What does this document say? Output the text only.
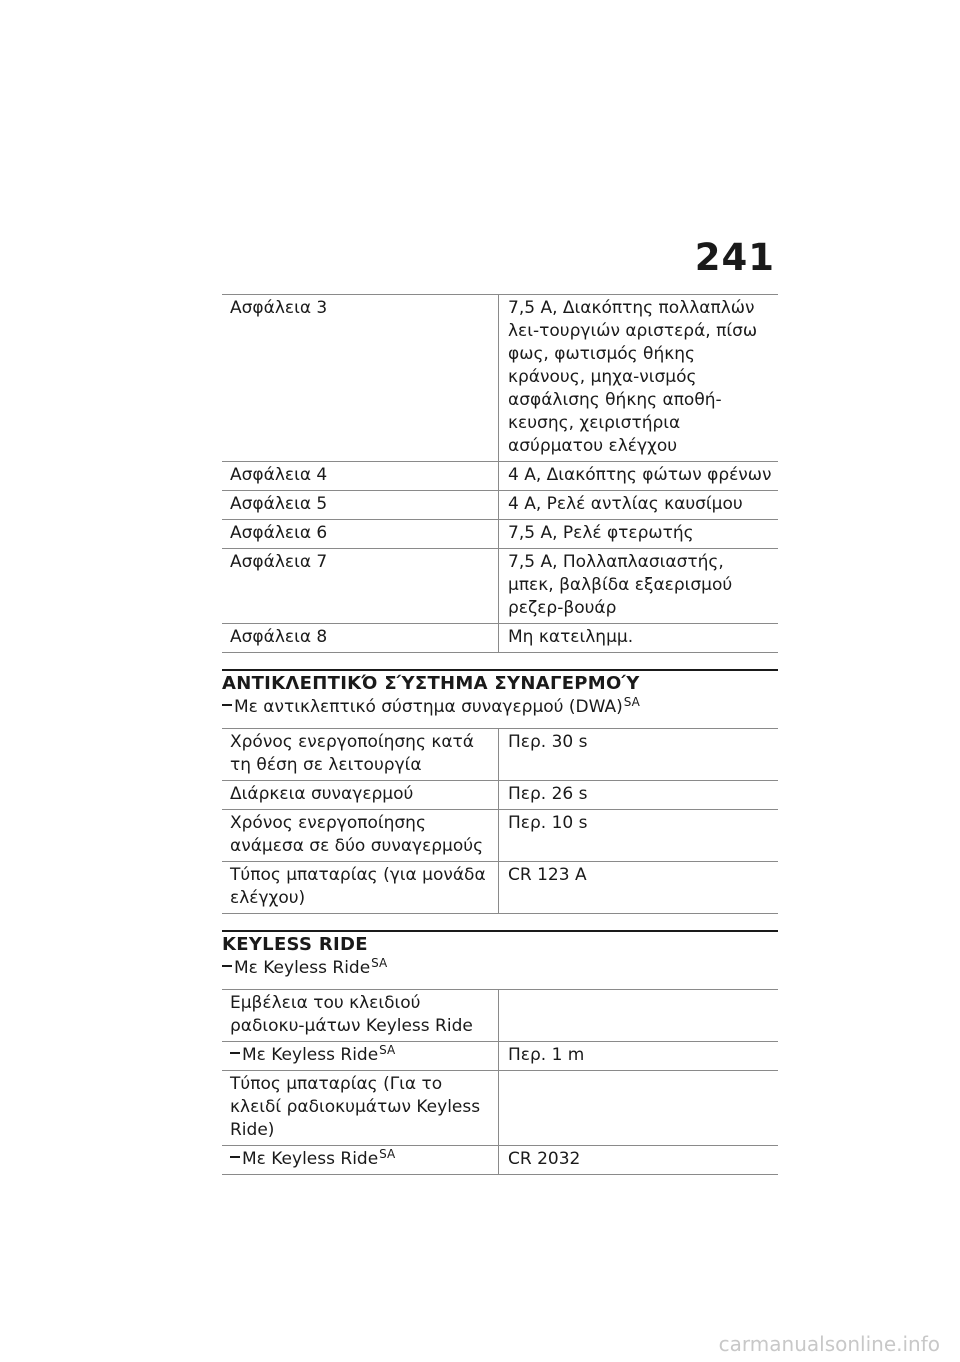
241
Ασφάλεια 3	7,5 A, Διακόπτης πολλαπλών λει-τουργιών αριστερά, πίσω φως, φωτισμός θήκης κράνους, μηχα-νισμός ασφάλισης θήκης αποθή-κευσης, χειριστήρια ασύρματου ελέγχου
Ασφάλεια 4	4 A, Διακόπτης φώτων φρένων
Ασφάλεια 5	4 A, Ρελέ αντλίας καυσίμου
Ασφάλεια 6	7,5 A, Ρελέ φτερωτής
Ασφάλεια 7	7,5 A, Πολλαπλασιαστής, μπεκ, βαλβίδα εξαερισμού ρεζερ-βουάρ
Ασφάλεια 8	Μη κατειλημμ.
ΑΝΤΙΚΛΕΠΤΙΚΌ ΣΎΣΤΗΜΑ ΣΥΝΑΓΕΡΜΟΎ
Με αντικλεπτικό σύστημα συναγερμού (DWA)$^{SA}$
Χρόνος ενεργοποίησης κατά τη θέση σε λειτουργία	Περ. 30 s
Διάρκεια συναγερμού	Περ. 26 s
Χρόνος ενεργοποίησης ανάμεσα σε δύο συναγερμούς	Περ. 10 s
Τύπος μπαταρίας (για μονάδα ελέγχου)	CR 123 A
KEYLESS RIDE
Με Keyless Ride$^{SA}$
Εμβέλεια του κλειδιού ραδιοκυ-μάτων Keyless Ride	
Με Keyless Ride$^{SA}$	Περ. 1 m
Τύπος μπαταρίας (Για το κλειδί ραδιοκυμάτων Keyless Ride)	
Με Keyless Ride$^{SA}$	CR 2032
carmanualsonline.info
